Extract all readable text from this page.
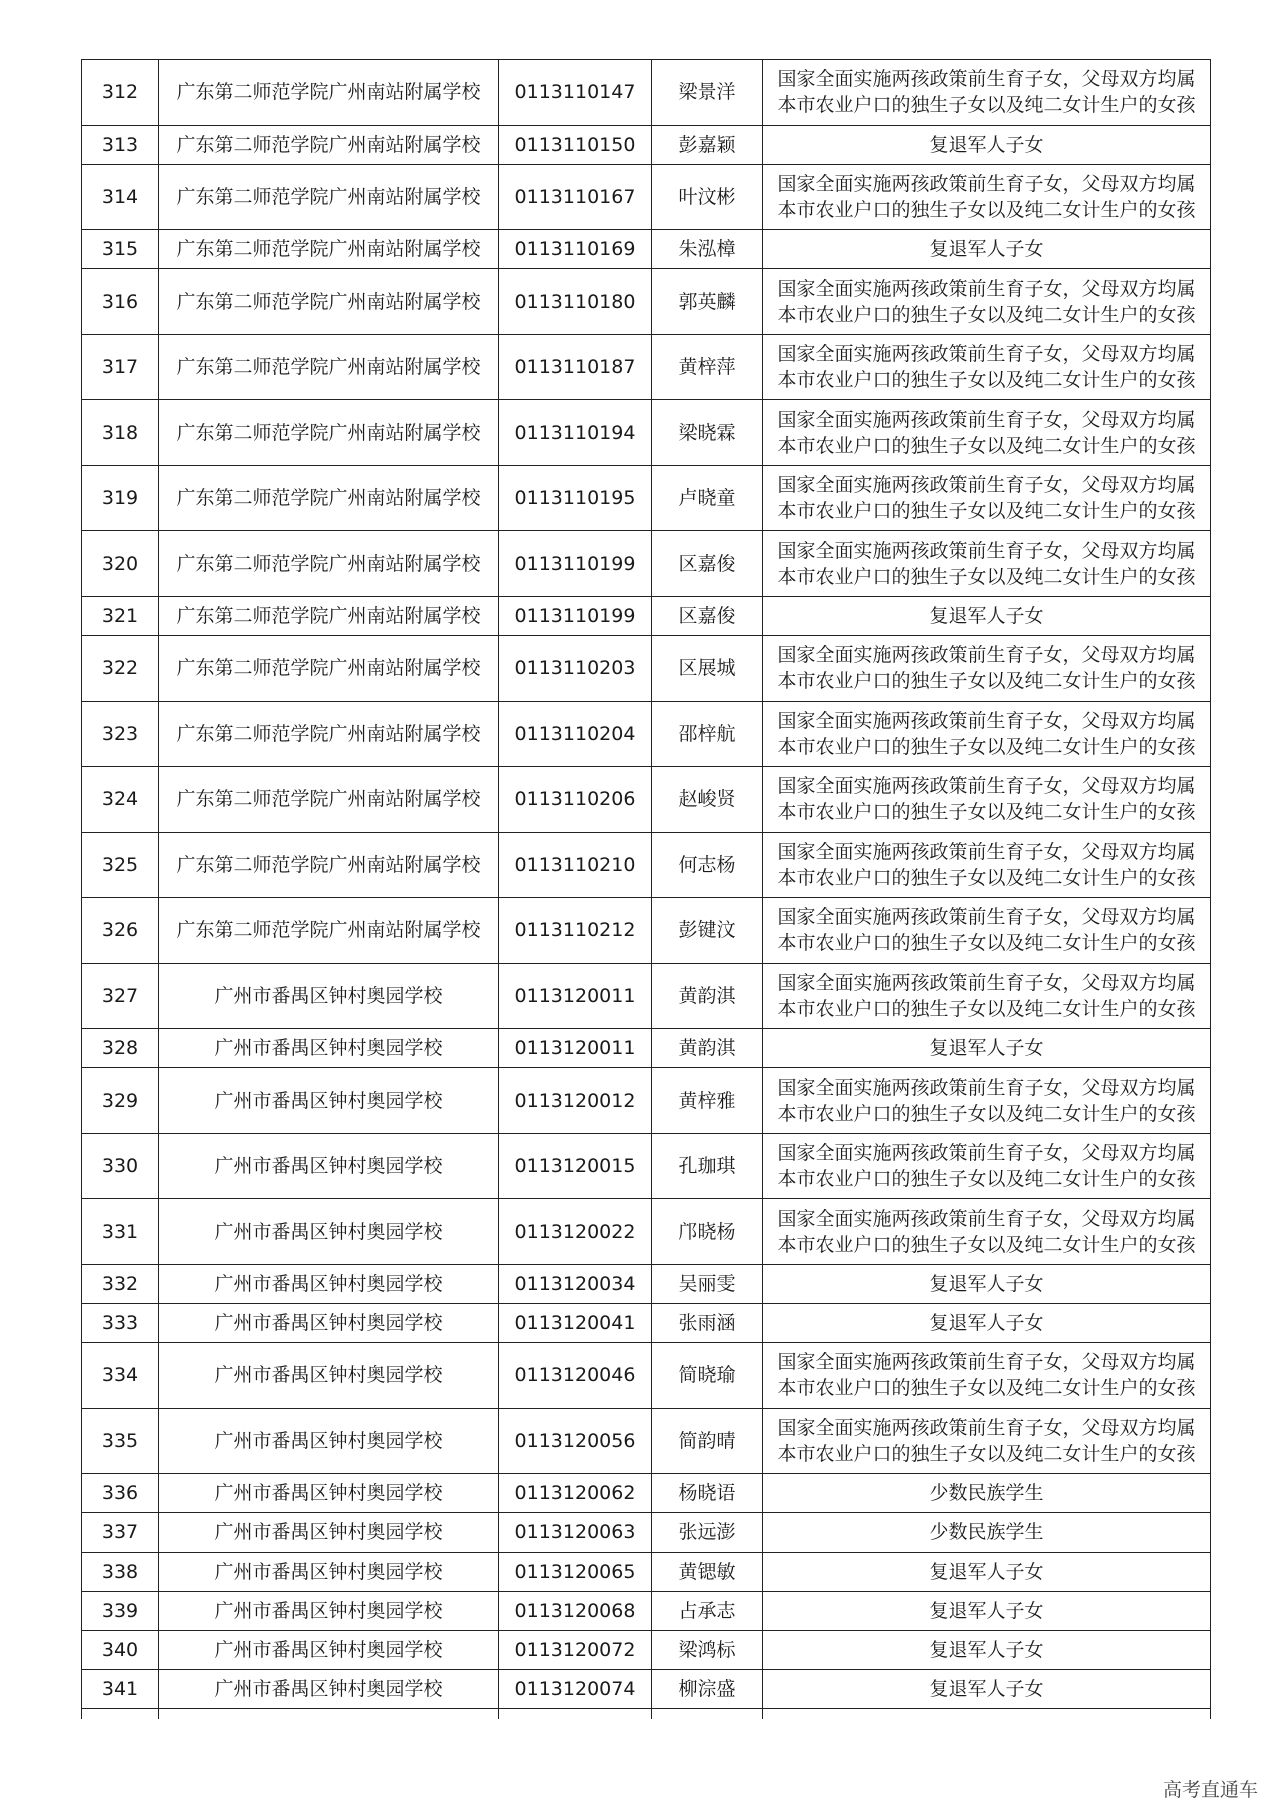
312	广东第二师范学院广州南站附属学校	0113110147	梁景洋	国家全面实施两孩政策前生育子女，父母双方均属本市农业户口的独生子女以及纯二女计生户的女孩
313	广东第二师范学院广州南站附属学校	0113110150	彭嘉颖	复退军人子女
314	广东第二师范学院广州南站附属学校	0113110167	叶汶彬	国家全面实施两孩政策前生育子女，父母双方均属本市农业户口的独生子女以及纯二女计生户的女孩
315	广东第二师范学院广州南站附属学校	0113110169	朱泓樟	复退军人子女
316	广东第二师范学院广州南站附属学校	0113110180	郭英麟	国家全面实施两孩政策前生育子女，父母双方均属本市农业户口的独生子女以及纯二女计生户的女孩
317	广东第二师范学院广州南站附属学校	0113110187	黄梓萍	国家全面实施两孩政策前生育子女，父母双方均属本市农业户口的独生子女以及纯二女计生户的女孩
318	广东第二师范学院广州南站附属学校	0113110194	梁晓霖	国家全面实施两孩政策前生育子女，父母双方均属本市农业户口的独生子女以及纯二女计生户的女孩
319	广东第二师范学院广州南站附属学校	0113110195	卢晓童	国家全面实施两孩政策前生育子女，父母双方均属本市农业户口的独生子女以及纯二女计生户的女孩
320	广东第二师范学院广州南站附属学校	0113110199	区嘉俊	国家全面实施两孩政策前生育子女，父母双方均属本市农业户口的独生子女以及纯二女计生户的女孩
321	广东第二师范学院广州南站附属学校	0113110199	区嘉俊	复退军人子女
322	广东第二师范学院广州南站附属学校	0113110203	区展城	国家全面实施两孩政策前生育子女，父母双方均属本市农业户口的独生子女以及纯二女计生户的女孩
323	广东第二师范学院广州南站附属学校	0113110204	邵梓航	国家全面实施两孩政策前生育子女，父母双方均属本市农业户口的独生子女以及纯二女计生户的女孩
324	广东第二师范学院广州南站附属学校	0113110206	赵峻贤	国家全面实施两孩政策前生育子女，父母双方均属本市农业户口的独生子女以及纯二女计生户的女孩
325	广东第二师范学院广州南站附属学校	0113110210	何志杨	国家全面实施两孩政策前生育子女，父母双方均属本市农业户口的独生子女以及纯二女计生户的女孩
326	广东第二师范学院广州南站附属学校	0113110212	彭键汶	国家全面实施两孩政策前生育子女，父母双方均属本市农业户口的独生子女以及纯二女计生户的女孩
327	广州市番禺区钟村奥园学校	0113120011	黄韵淇	国家全面实施两孩政策前生育子女，父母双方均属本市农业户口的独生子女以及纯二女计生户的女孩
328	广州市番禺区钟村奥园学校	0113120011	黄韵淇	复退军人子女
329	广州市番禺区钟村奥园学校	0113120012	黄梓雅	国家全面实施两孩政策前生育子女，父母双方均属本市农业户口的独生子女以及纯二女计生户的女孩
330	广州市番禺区钟村奥园学校	0113120015	孔珈琪	国家全面实施两孩政策前生育子女，父母双方均属本市农业户口的独生子女以及纯二女计生户的女孩
331	广州市番禺区钟村奥园学校	0113120022	邝晓杨	国家全面实施两孩政策前生育子女，父母双方均属本市农业户口的独生子女以及纯二女计生户的女孩
332	广州市番禺区钟村奥园学校	0113120034	吴丽雯	复退军人子女
333	广州市番禺区钟村奥园学校	0113120041	张雨涵	复退军人子女
334	广州市番禺区钟村奥园学校	0113120046	简晓瑜	国家全面实施两孩政策前生育子女，父母双方均属本市农业户口的独生子女以及纯二女计生户的女孩
335	广州市番禺区钟村奥园学校	0113120056	简韵晴	国家全面实施两孩政策前生育子女，父母双方均属本市农业户口的独生子女以及纯二女计生户的女孩
336	广州市番禺区钟村奥园学校	0113120062	杨晓语	少数民族学生
337	广州市番禺区钟村奥园学校	0113120063	张远澎	少数民族学生
338	广州市番禺区钟村奥园学校	0113120065	黄锶敏	复退军人子女
339	广州市番禺区钟村奥园学校	0113120068	占承志	复退军人子女
340	广州市番禺区钟村奥园学校	0113120072	梁鸿标	复退军人子女
341	广州市番禺区钟村奥园学校	0113120074	柳淙盛	复退军人子女

高考直通车
